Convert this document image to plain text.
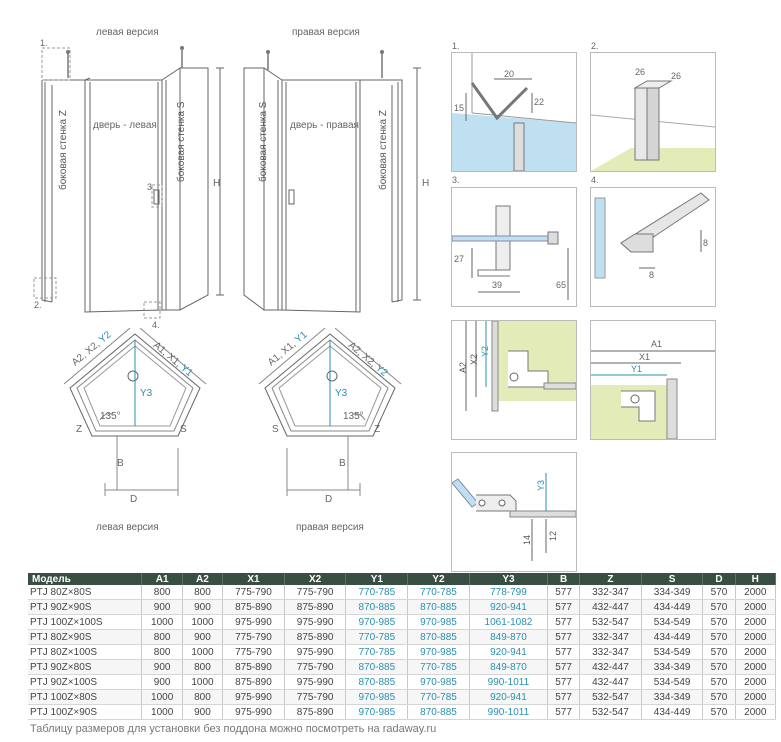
левая версия
1.
2.
3.
4.
боковая стенка Z дверь - левая боковая стенка S
H
правая версия
боковая стенка S дверь - правая боковая стенка Z	H
A2, X2, Y2
A1, X1, Y1
Y3
135°
Z	S
B
D
левая версия
A1, X1, Y1
A2, X2, Y2
Y3
135°
S	Z
B
D
правая версия
1.
20
15
22
2.
26	26
3.
27
39	65
4.
8
8
A2
X2
Y2
A1
X1
Y1
Y3
14 12
Модель	A1	A2	X1	X2	Y1	Y2	Y3	B	Z	S	D	H
PTJ 80Z×80S	800	800	775-790	775-790	770-785	770-785	778-799	577	332-347	334-349	570	2000
PTJ 90Z×90S	900	900	875-890	875-890	870-885	870-885	920-941	577	432-447	434-449	570	2000
PTJ 100Z×100S	1000	1000	975-990	975-990	970-985	970-985	1061-1082	577	532-547	534-549	570	2000
PTJ 80Z×90S	800	900	775-790	875-890	770-785	870-885	849-870	577	332-347	434-449	570	2000
PTJ 80Z×100S	800	1000	775-790	975-990	770-785	970-985	920-941	577	332-347	534-549	570	2000
PTJ 90Z×80S	900	800	875-890	775-790	870-885	770-785	849-870	577	432-447	334-349	570	2000
PTJ 90Z×100S	900	1000	875-890	975-990	870-885	970-985	990-1011	577	432-447	534-549	570	2000
PTJ 100Z×80S	1000	800	975-990	775-790	970-985	770-785	920-941	577	532-547	334-349	570	2000
PTJ 100Z×90S	1000	900	975-990	875-890	970-985	870-885	990-1011	577	532-547	434-449	570	2000
Таблицу размеров для установки без поддона можно посмотреть на radaway.ru
